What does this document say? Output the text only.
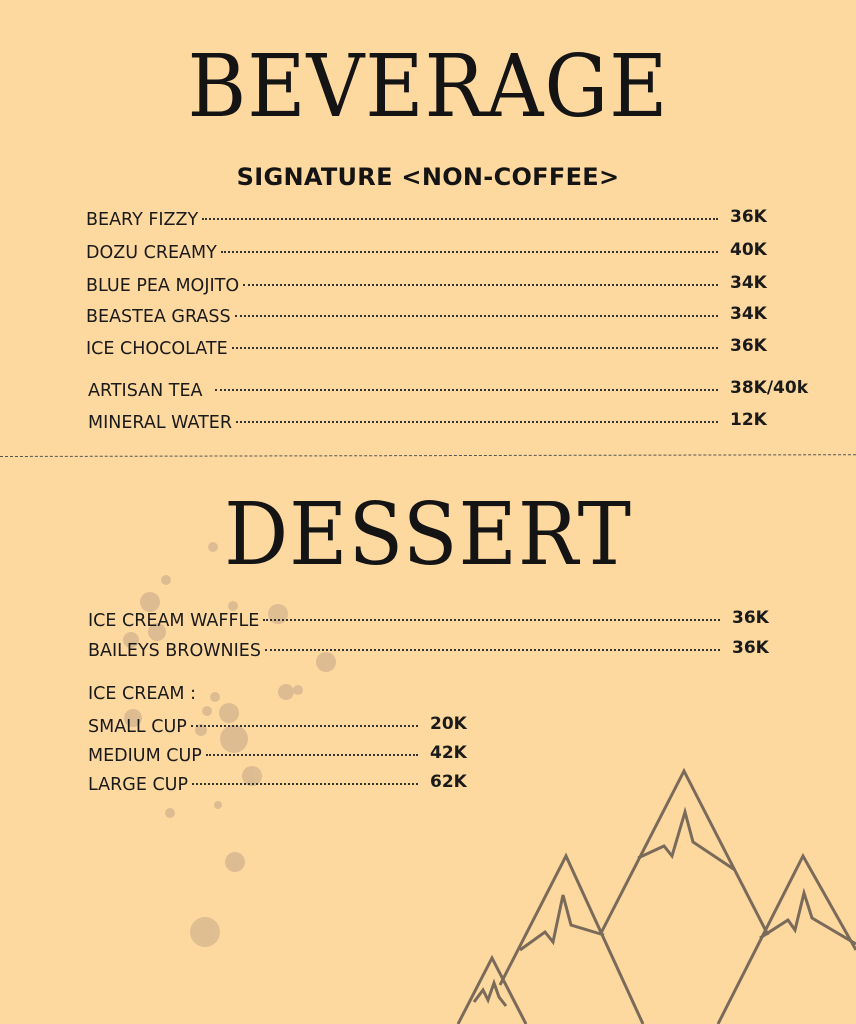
BEVERAGE
SIGNATURE <NON-COFFEE>
BEARY FIZZY	36K
DOZU CREAMY	40K
BLUE PEA MOJITO	34K
BEASTEA GRASS	34K
ICE CHOCOLATE	36K
ARTISAN TEA	38K/40k
MINERAL WATER	12K
DESSERT
ICE CREAM WAFFLE	36K
BAILEYS BROWNIES	36K
ICE CREAM :
SMALL CUP	20K
MEDIUM CUP	42K
LARGE CUP	62K
